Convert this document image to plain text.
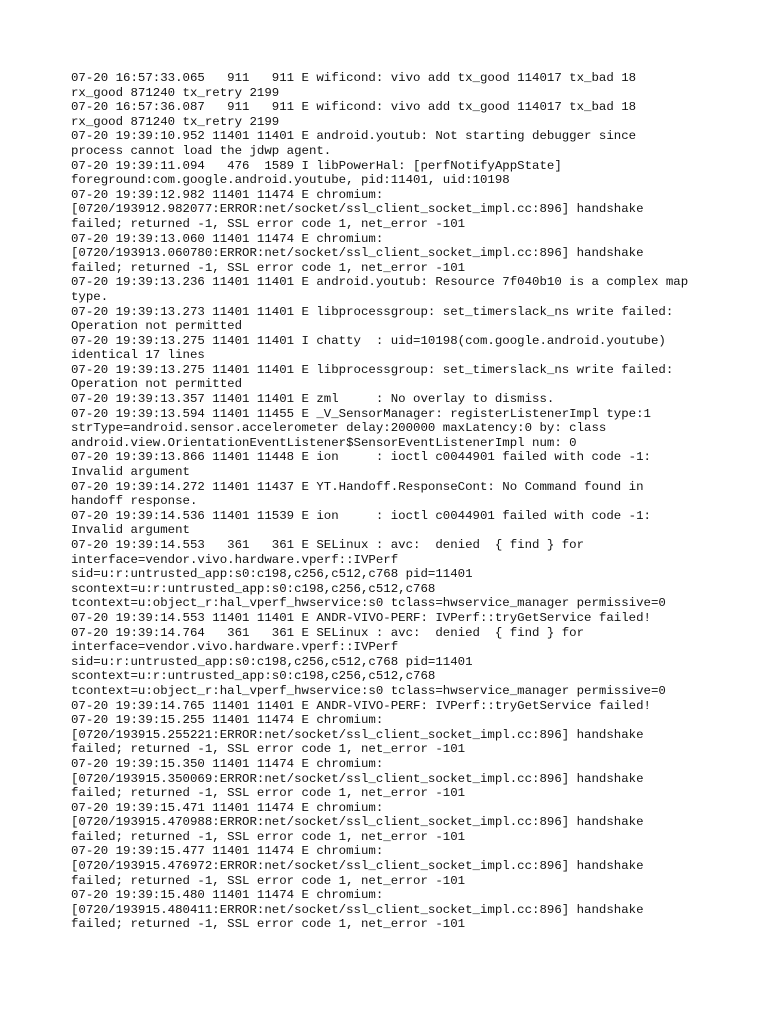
07-20 16:57:33.065   911   911 E wificond: vivo add tx_good 114017 tx_bad 18
rx_good 871240 tx_retry 2199
07-20 16:57:36.087   911   911 E wificond: vivo add tx_good 114017 tx_bad 18
rx_good 871240 tx_retry 2199
07-20 19:39:10.952 11401 11401 E android.youtub: Not starting debugger since
process cannot load the jdwp agent.
07-20 19:39:11.094   476  1589 I libPowerHal: [perfNotifyAppState]
foreground:com.google.android.youtube, pid:11401, uid:10198
07-20 19:39:12.982 11401 11474 E chromium:
[0720/193912.982077:ERROR:net/socket/ssl_client_socket_impl.cc:896] handshake
failed; returned -1, SSL error code 1, net_error -101
07-20 19:39:13.060 11401 11474 E chromium:
[0720/193913.060780:ERROR:net/socket/ssl_client_socket_impl.cc:896] handshake
failed; returned -1, SSL error code 1, net_error -101
07-20 19:39:13.236 11401 11401 E android.youtub: Resource 7f040b10 is a complex map
type.
07-20 19:39:13.273 11401 11401 E libprocessgroup: set_timerslack_ns write failed:
Operation not permitted
07-20 19:39:13.275 11401 11401 I chatty  : uid=10198(com.google.android.youtube)
identical 17 lines
07-20 19:39:13.275 11401 11401 E libprocessgroup: set_timerslack_ns write failed:
Operation not permitted
07-20 19:39:13.357 11401 11401 E zml     : No overlay to dismiss.
07-20 19:39:13.594 11401 11455 E _V_SensorManager: registerListenerImpl type:1
strType=android.sensor.accelerometer delay:200000 maxLatency:0 by: class
android.view.OrientationEventListener$SensorEventListenerImpl num: 0
07-20 19:39:13.866 11401 11448 E ion     : ioctl c0044901 failed with code -1:
Invalid argument
07-20 19:39:14.272 11401 11437 E YT.Handoff.ResponseCont: No Command found in
handoff response.
07-20 19:39:14.536 11401 11539 E ion     : ioctl c0044901 failed with code -1:
Invalid argument
07-20 19:39:14.553   361   361 E SELinux : avc:  denied  { find } for
interface=vendor.vivo.hardware.vperf::IVPerf
sid=u:r:untrusted_app:s0:c198,c256,c512,c768 pid=11401
scontext=u:r:untrusted_app:s0:c198,c256,c512,c768
tcontext=u:object_r:hal_vperf_hwservice:s0 tclass=hwservice_manager permissive=0
07-20 19:39:14.553 11401 11401 E ANDR-VIVO-PERF: IVPerf::tryGetService failed!
07-20 19:39:14.764   361   361 E SELinux : avc:  denied  { find } for
interface=vendor.vivo.hardware.vperf::IVPerf
sid=u:r:untrusted_app:s0:c198,c256,c512,c768 pid=11401
scontext=u:r:untrusted_app:s0:c198,c256,c512,c768
tcontext=u:object_r:hal_vperf_hwservice:s0 tclass=hwservice_manager permissive=0
07-20 19:39:14.765 11401 11401 E ANDR-VIVO-PERF: IVPerf::tryGetService failed!
07-20 19:39:15.255 11401 11474 E chromium:
[0720/193915.255221:ERROR:net/socket/ssl_client_socket_impl.cc:896] handshake
failed; returned -1, SSL error code 1, net_error -101
07-20 19:39:15.350 11401 11474 E chromium:
[0720/193915.350069:ERROR:net/socket/ssl_client_socket_impl.cc:896] handshake
failed; returned -1, SSL error code 1, net_error -101
07-20 19:39:15.471 11401 11474 E chromium:
[0720/193915.470988:ERROR:net/socket/ssl_client_socket_impl.cc:896] handshake
failed; returned -1, SSL error code 1, net_error -101
07-20 19:39:15.477 11401 11474 E chromium:
[0720/193915.476972:ERROR:net/socket/ssl_client_socket_impl.cc:896] handshake
failed; returned -1, SSL error code 1, net_error -101
07-20 19:39:15.480 11401 11474 E chromium:
[0720/193915.480411:ERROR:net/socket/ssl_client_socket_impl.cc:896] handshake
failed; returned -1, SSL error code 1, net_error -101
